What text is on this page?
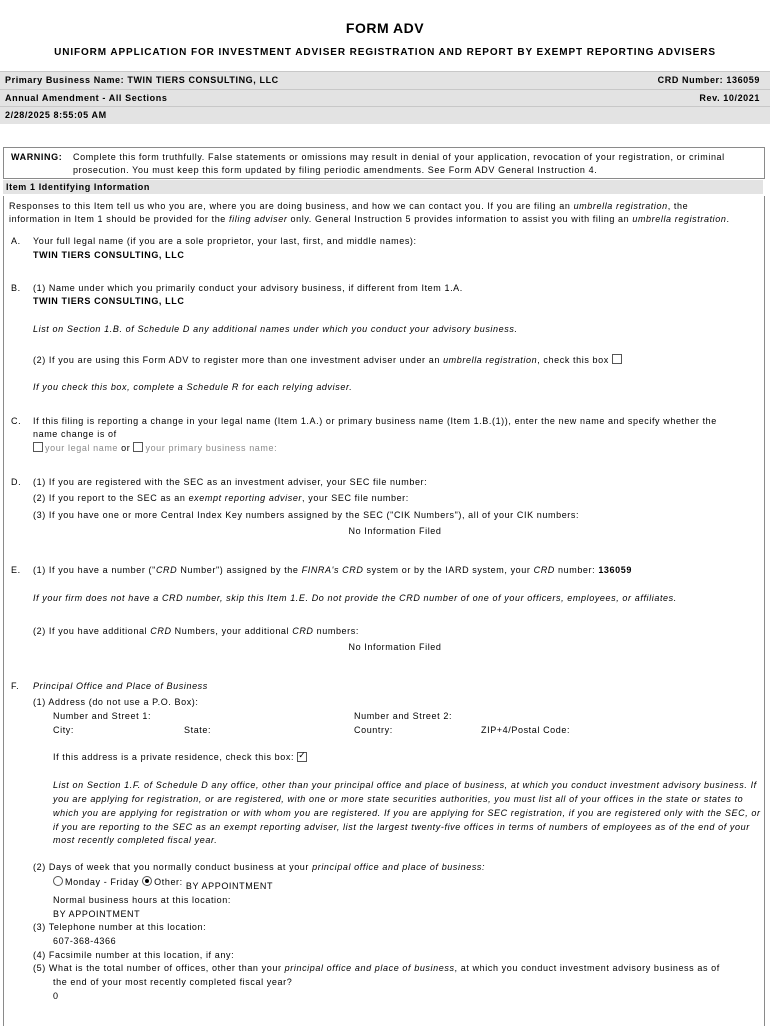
FORM ADV
UNIFORM APPLICATION FOR INVESTMENT ADVISER REGISTRATION AND REPORT BY EXEMPT REPORTING ADVISERS
Primary Business Name: TWIN TIERS CONSULTING, LLC	CRD Number: 136059
Annual Amendment - All Sections	Rev. 10/2021
2/28/2025 8:55:05 AM
WARNING: Complete this form truthfully. False statements or omissions may result in denial of your application, revocation of your registration, or criminal
prosecution. You must keep this form updated by filing periodic amendments. See Form ADV General Instruction 4.
Item 1 Identifying Information
Responses to this Item tell us who you are, where you are doing business, and how we can contact you. If you are filing an umbrella registration, the
information in Item 1 should be provided for the filing adviser only. General Instruction 5 provides information to assist you with filing an umbrella registration.
A. Your full legal name (if you are a sole proprietor, your last, first, and middle names):
TWIN TIERS CONSULTING, LLC
B. (1) Name under which you primarily conduct your advisory business, if different from Item 1.A.
TWIN TIERS CONSULTING, LLC
List on Section 1.B. of Schedule D any additional names under which you conduct your advisory business.
(2) If you are using this Form ADV to register more than one investment adviser under an umbrella registration, check this box
If you check this box, complete a Schedule R for each relying adviser.
C. If this filing is reporting a change in your legal name (Item 1.A.) or primary business name (Item 1.B.(1)), enter the new name and specify whether the
name change is of
your legal name or your primary business name:
D. (1) If you are registered with the SEC as an investment adviser, your SEC file number:
(2) If you report to the SEC as an exempt reporting adviser, your SEC file number:
(3) If you have one or more Central Index Key numbers assigned by the SEC ("CIK Numbers"), all of your CIK numbers:
No Information Filed
E. (1) If you have a number ("CRD Number") assigned by the FINRA's CRD system or by the IARD system, your CRD number: 136059
If your firm does not have a CRD number, skip this Item 1.E. Do not provide the CRD number of one of your officers, employees, or affiliates.
(2) If you have additional CRD Numbers, your additional CRD numbers:
No Information Filed
F. Principal Office and Place of Business
(1) Address (do not use a P.O. Box):
Number and Street 1:	Number and Street 2:
City:	State:	Country:	ZIP+4/Postal Code:
If this address is a private residence, check this box: ✓
List on Section 1.F. of Schedule D any office, other than your principal office and place of business, at which you conduct investment advisory business. If
you are applying for registration, or are registered, with one or more state securities authorities, you must list all of your offices in the state or states to
which you are applying for registration or with whom you are registered. If you are applying for SEC registration, if you are registered only with the SEC, or
if you are reporting to the SEC as an exempt reporting adviser, list the largest twenty-five offices in terms of numbers of employees as of the end of your
most recently completed fiscal year.
(2) Days of week that you normally conduct business at your principal office and place of business:
Monday - Friday Other: BY APPOINTMENT
Normal business hours at this location:
BY APPOINTMENT
(3) Telephone number at this location:
607-368-4366
(4) Facsimile number at this location, if any:
(5) What is the total number of offices, other than your principal office and place of business, at which you conduct investment advisory business as of
the end of your most recently completed fiscal year?
0
